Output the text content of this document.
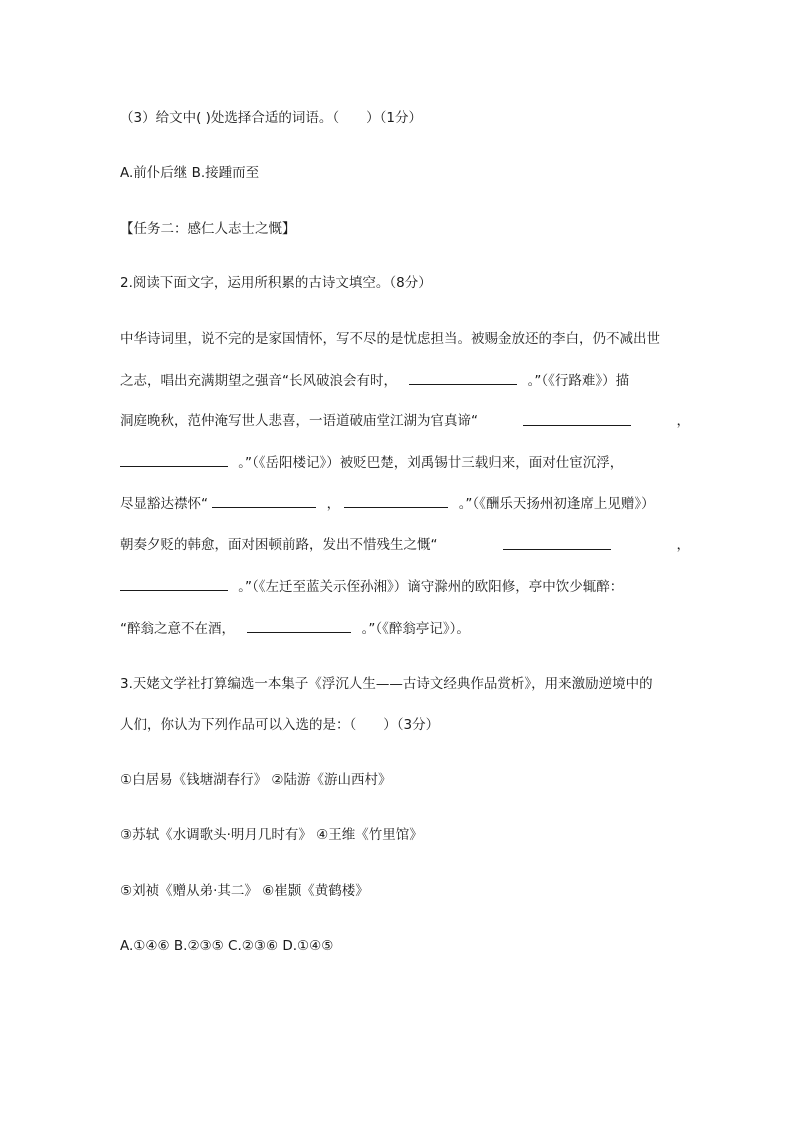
（3）给文中( )处选择合适的词语。（　　）（1分）
A.前仆后继 B.接踵而至
【任务二：感仁人志士之慨】
2.阅读下面文字，运用所积累的古诗文填空。（8分）
中华诗词里，说不完的是家国情怀，写不尽的是忧虑担当。被赐金放还的李白，仍不减出世
之志，唱出充满期望之强音“长风破浪会有时，	。”（《行路难》）描
洞庭晚秋，范仲淹写世人悲喜，一语道破庙堂江湖为官真谛“	，
。”（《岳阳楼记》）被贬巴楚，刘禹锡廿三载归来，面对仕宦沉浮，
尽显豁达襟怀“	，	。”（《酬乐天扬州初逢席上见赠》）
朝奏夕贬的韩愈，面对困顿前路，发出不惜残生之慨“	，
。”（《左迁至蓝关示侄孙湘》）谪守滁州的欧阳修，亭中饮少辄醉：
“醉翁之意不在酒，	。”（《醉翁亭记》）。
3.天姥文学社打算编选一本集子《浮沉人生——古诗文经典作品赏析》，用来激励逆境中的
人们，你认为下列作品可以入选的是：（　　）（3分）
①白居易《钱塘湖春行》 ②陆游《游山西村》
③苏轼《水调歌头·明月几时有》 ④王维《竹里馆》
⑤刘祯《赠从弟·其二》 ⑥崔颢《黄鹤楼》
A.①④⑥ B.②③⑤ C.②③⑥ D.①④⑤
